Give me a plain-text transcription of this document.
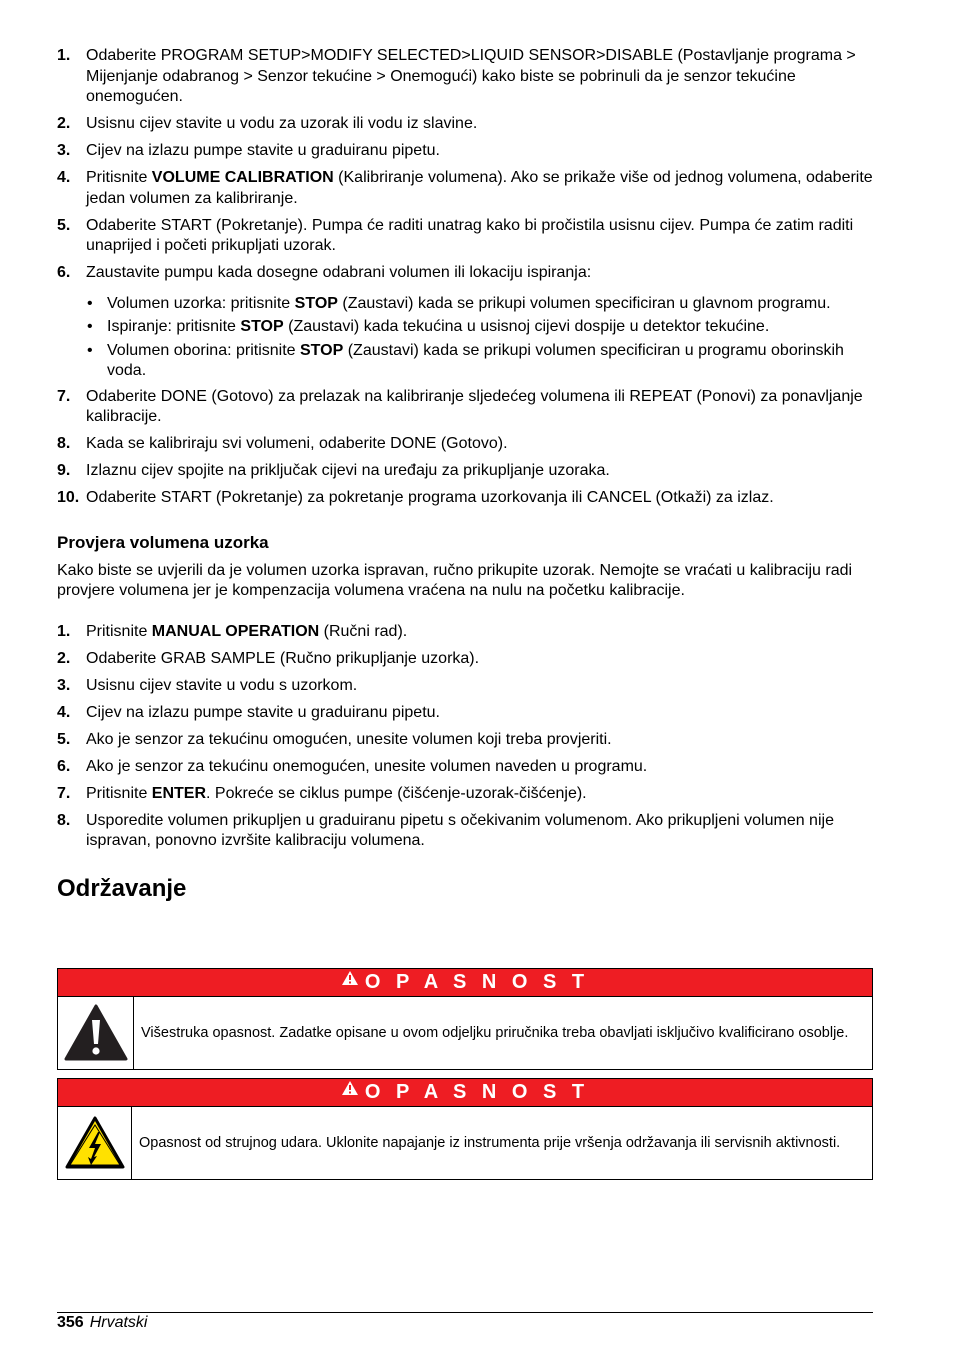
1. Odaberite PROGRAM SETUP>MODIFY SELECTED>LIQUID SENSOR>DISABLE (Postavljanje programa > Mijenjanje odabranog > Senzor tekućine > Onemogući) kako biste se pobrinuli da je senzor tekućine onemogućen.
2. Usisnu cijev stavite u vodu za uzorak ili vodu iz slavine.
3. Cijev na izlazu pumpe stavite u graduiranu pipetu.
4. Pritisnite VOLUME CALIBRATION (Kalibriranje volumena). Ako se prikaže više od jednog volumena, odaberite jedan volumen za kalibriranje.
5. Odaberite START (Pokretanje). Pumpa će raditi unatrag kako bi pročistila usisnu cijev. Pumpa će zatim raditi unaprijed i početi prikupljati uzorak.
6. Zaustavite pumpu kada dosegne odabrani volumen ili lokaciju ispiranja:
• Volumen uzorka: pritisnite STOP (Zaustavi) kada se prikupi volumen specificiran u glavnom programu.
• Ispiranje: pritisnite STOP (Zaustavi) kada tekućina u usisnoj cijevi dospije u detektor tekućine.
• Volumen oborina: pritisnite STOP (Zaustavi) kada se prikupi volumen specificiran u programu oborinskih voda.
7. Odaberite DONE (Gotovo) za prelazak na kalibriranje sljedećeg volumena ili REPEAT (Ponovi) za ponavljanje kalibracije.
8. Kada se kalibriraju svi volumeni, odaberite DONE (Gotovo).
9. Izlaznu cijev spojite na priključak cijevi na uređaju za prikupljanje uzoraka.
10. Odaberite START (Pokretanje) za pokretanje programa uzorkovanja ili CANCEL (Otkaži) za izlaz.
Provjera volumena uzorka

Kako biste se uvjerili da je volumen uzorka ispravan, ručno prikupite uzorak. Nemojte se vraćati u kalibraciju radi provjere volumena jer je kompenzacija volumena vraćena na nulu na početku kalibracije.

1. Pritisnite MANUAL OPERATION (Ručni rad).
2. Odaberite GRAB SAMPLE (Ručno prikupljanje uzorka).
3. Usisnu cijev stavite u vodu s uzorkom.
4. Cijev na izlazu pumpe stavite u graduiranu pipetu.
5. Ako je senzor za tekućinu omogućen, unesite volumen koji treba provjeriti.
6. Ako je senzor za tekućinu onemogućen, unesite volumen naveden u programu.
7. Pritisnite ENTER. Pokreće se ciklus pumpe (čišćenje-uzorak-čišćenje).
8. Usporedite volumen prikupljen u graduiranu pipetu s očekivanim volumenom. Ako prikupljeni volumen nije ispravan, ponovno izvršite kalibraciju volumena.
Održavanje
O P A S N O S T
Višestruka opasnost. Zadatke opisane u ovom odjeljku priručnika treba obavljati isključivo kvalificirano osoblje.
O P A S N O S T
Opasnost od strujnog udara. Uklonite napajanje iz instrumenta prije vršenja održavanja ili servisnih aktivnosti.
356 Hrvatski
